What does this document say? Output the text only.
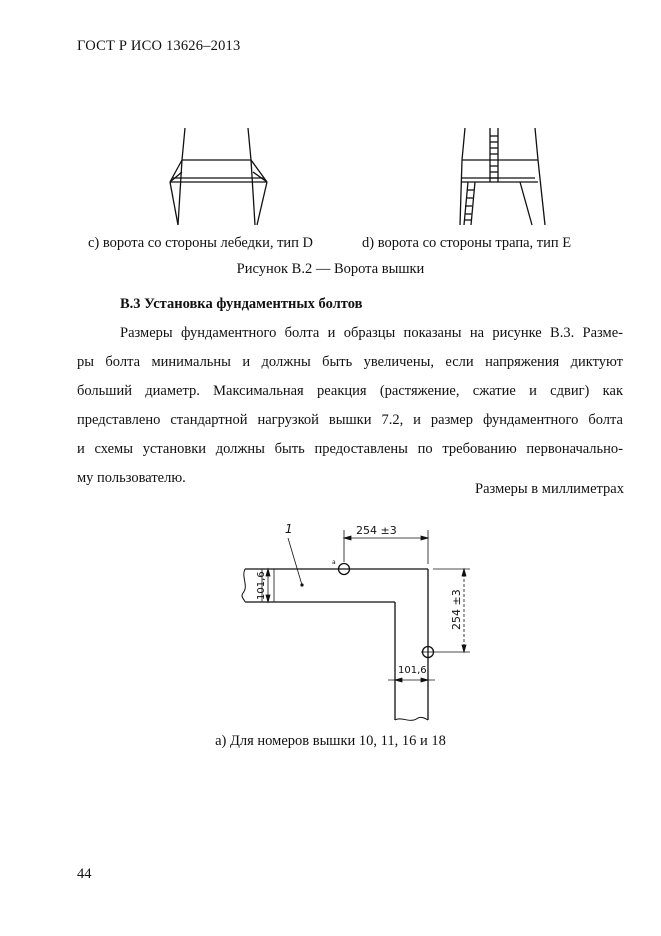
ГОСТ Р ИСО 13626–2013
c) ворота со стороны лебедки, тип D	d) ворота со стороны трапа, тип E
Рисунок В.2 — Ворота вышки
В.3 Установка фундаментных болтов
Размеры фундаментного болта и образцы показаны на рисунке В.3. Разме-
ры болта минимальны и должны быть увеличены, если напряжения диктуют
больший диаметр. Максимальная реакция (растяжение, сжатие и сдвиг) как
представлено стандартной нагрузкой вышки 7.2, и размер фундаментного болта
и схемы установки должны быть предоставлены по требованию первоначально-
му пользователю.
Размеры в миллиметрах
1
a
254 ±3
254 ±3
101,6
101,6
а) Для номеров вышки 10, 11, 16 и 18
44
